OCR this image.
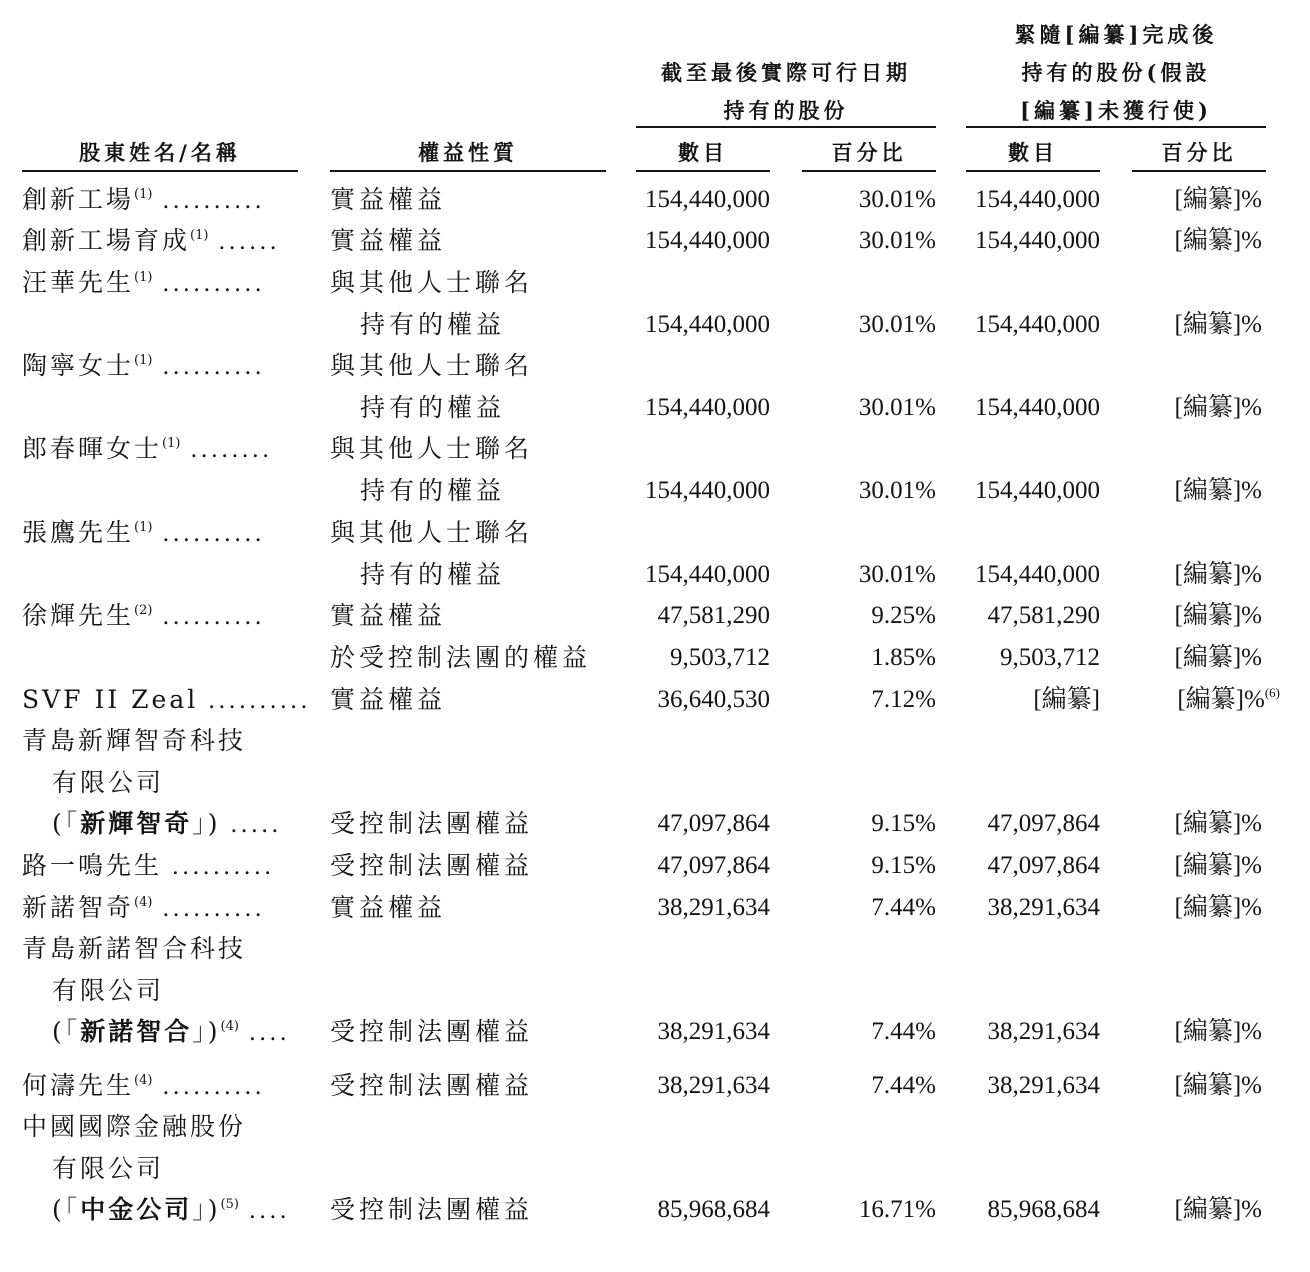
截至最後實際可行日期
持有的股份
緊隨[編纂]完成後
持有的股份(假設
[編纂]未獲行使)
股東姓名/名稱	權益性質	數目	百分比	數目	百分比
創新工場$^{(1)}$ ..........	實益權益	154,440,000	30.01%	154,440,000	[編纂]%
創新工場育成$^{(1)}$ ...... 實益權益	154,440,000	30.01%	154,440,000	[編纂]%
汪華先生$^{(1)}$ ..........	與其他人士聯名
持有的權益	154,440,000	30.01%	154,440,000	[編纂]%
陶寧女士$^{(1)}$ ..........	與其他人士聯名
持有的權益	154,440,000	30.01%	154,440,000	[編纂]%
郎春暉女士$^{(1)}$ ........ 與其他人士聯名
持有的權益	154,440,000	30.01%	154,440,000	[編纂]%
張鷹先生$^{(1)}$ ..........	與其他人士聯名
持有的權益	154,440,000	30.01%	154,440,000	[編纂]%
徐輝先生$^{(2)}$ ..........	實益權益	47,581,290	9.25%	47,581,290	[編纂]%
於受控制法團的權益	9,503,712	1.85%	9,503,712	[編纂]%
SVF II Zeal .......... 實益權益	36,640,530	7.12%	[編纂]	[編纂]%$^{(6)}$
青島新輝智奇科技
有限公司
(「新輝智奇」) ..... 受控制法團權益	47,097,864	9.15%	47,097,864	[編纂]%
路一鳴先生 .......... 受控制法團權益	47,097,864	9.15%	47,097,864	[編纂]%
新諾智奇$^{(4)}$ ..........	實益權益	38,291,634	7.44%	38,291,634	[編纂]%
青島新諾智合科技
有限公司
(「新諾智合」)$^{(4)}$ .... 受控制法團權益	38,291,634	7.44%	38,291,634	[編纂]%
何濤先生$^{(4)}$ ..........	受控制法團權益	38,291,634	7.44%	38,291,634	[編纂]%
中國國際金融股份
有限公司
(「中金公司」)$^{(5)}$ .... 受控制法團權益	85,968,684	16.71%	85,968,684	[編纂]%
